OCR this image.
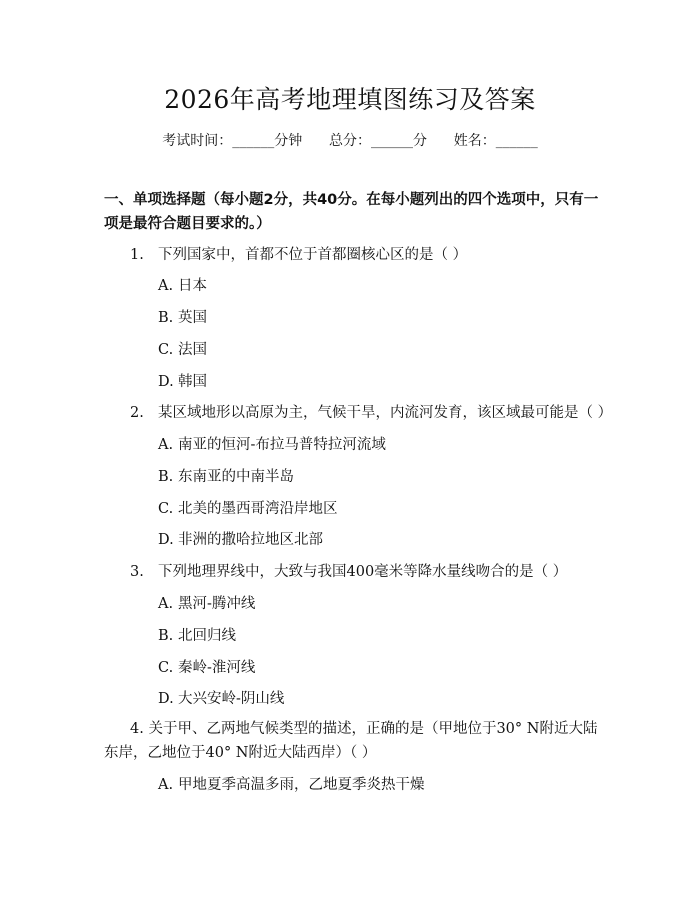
2026年高考地理填图练习及答案
考试时间：______分钟 总分：______分 姓名：______
一、单项选择题（每小题2分，共40分。在每小题列出的四个选项中，只有一项是最符合题目要求的。）
1. 下列国家中，首都不位于首都圈核心区的是（ ）
A. 日本
B. 英国
C. 法国
D. 韩国
2. 某区域地形以高原为主，气候干旱，内流河发育，该区域最可能是（ ）
A. 南亚的恒河-布拉马普特拉河流域
B. 东南亚的中南半岛
C. 北美的墨西哥湾沿岸地区
D. 非洲的撒哈拉地区北部
3. 下列地理界线中，大致与我国400毫米等降水量线吻合的是（ ）
A. 黑河-腾冲线
B. 北回归线
C. 秦岭-淮河线
D. 大兴安岭-阴山线
4. 关于甲、乙两地气候类型的描述，正确的是（甲地位于30° N附近大陆东岸，乙地位于40° N附近大陆西岸）（ ）
A. 甲地夏季高温多雨，乙地夏季炎热干燥
